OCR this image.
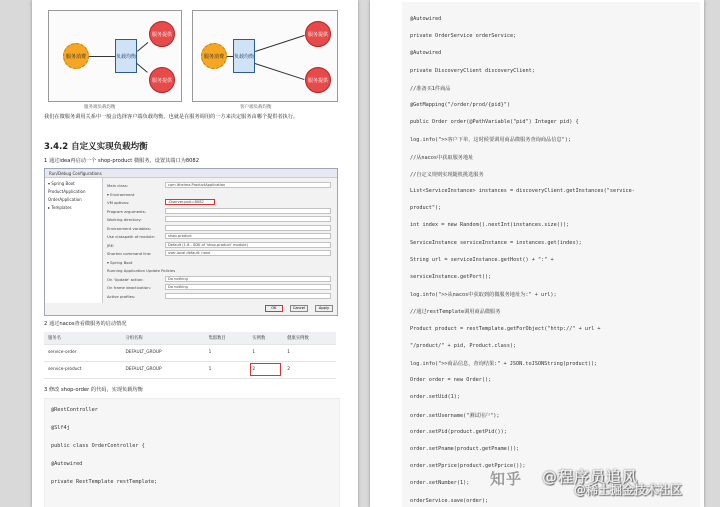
服务消费	负载均衡
服务提供
服务提供
服务消费	负载均衡
服务提供
服务提供
服务端负载均衡	客户端负载均衡
我们在微服务调用关系中一般会选择客户端负载均衡，也就是在服务调用的一方来决定服务由哪个提供者执行。
3.4.2 自定义实现负载均衡
1 通过idea再启动一个 shop-product 微服务，设置其端口为8082
Run/Debug Configurations
▾ Spring Boot
ProductApplication
OrderApplication
▸ Templates
Main class:	com.itheima.ProductApplication
▾ Environment
VM options:	-Dserver.port=8082
Program arguments:
Working directory:
Environment variables:
Use classpath of module:	shop-product
JRE:	Default (1.8 - SDK of 'shop-product' module)
Shorten command line:	user-local default: none
▾ Spring Boot
Running Application Update Policies
On 'Update' action:	Do nothing
On frame deactivation:	Do nothing
Active profiles:
OK	Cancel	Apply
2 通过nacos查看微服务的启动情况
服务名	分组名称	集群数目	实例数	健康实例数
service-order	DEFAULT_GROUP	1	1	1
service-product	DEFAULT_GROUP	1	2	2
3 修改 shop-order 的代码，实现负载均衡
@RestController
@Slf4j
public class OrderController {
@Autowired
private RestTemplate restTemplate;
@Autowired
private OrderService orderService;
@Autowired
private DiscoveryClient discoveryClient;
//准备买1件商品
@GetMapping("/order/prod/{pid}")
public Order order(@PathVariable("pid") Integer pid) {
log.info(">>客户下单，这时候要调用商品微服务查询商品信息");
//从nacos中获取服务地址
//自定义规则实现随机挑选服务
List<ServiceInstance> instances = discoveryClient.getInstances("service-
product");
int index = new Random().nextInt(instances.size());
ServiceInstance serviceInstance = instances.get(index);
String url = serviceInstance.getHost() + ":" +
serviceInstance.getPort();
log.info(">>从nacos中获取到的微服务地址为:" + url);
//通过restTemplate调用商品微服务
Product product = restTemplate.getForObject("http://" + url +
"/product/" + pid, Product.class);
log.info(">>商品信息，查询结果:" + JSON.toJSONString(product));
Order order = new Order();
order.setUid(1);
order.setUsername("测试用户");
order.setPid(product.getPid());
order.setPname(product.getPname());
order.setPprice(product.getPprice());
order.setNumber(1);
orderService.save(order);
知乎 @程序员追风
@稀土掘金技术社区
